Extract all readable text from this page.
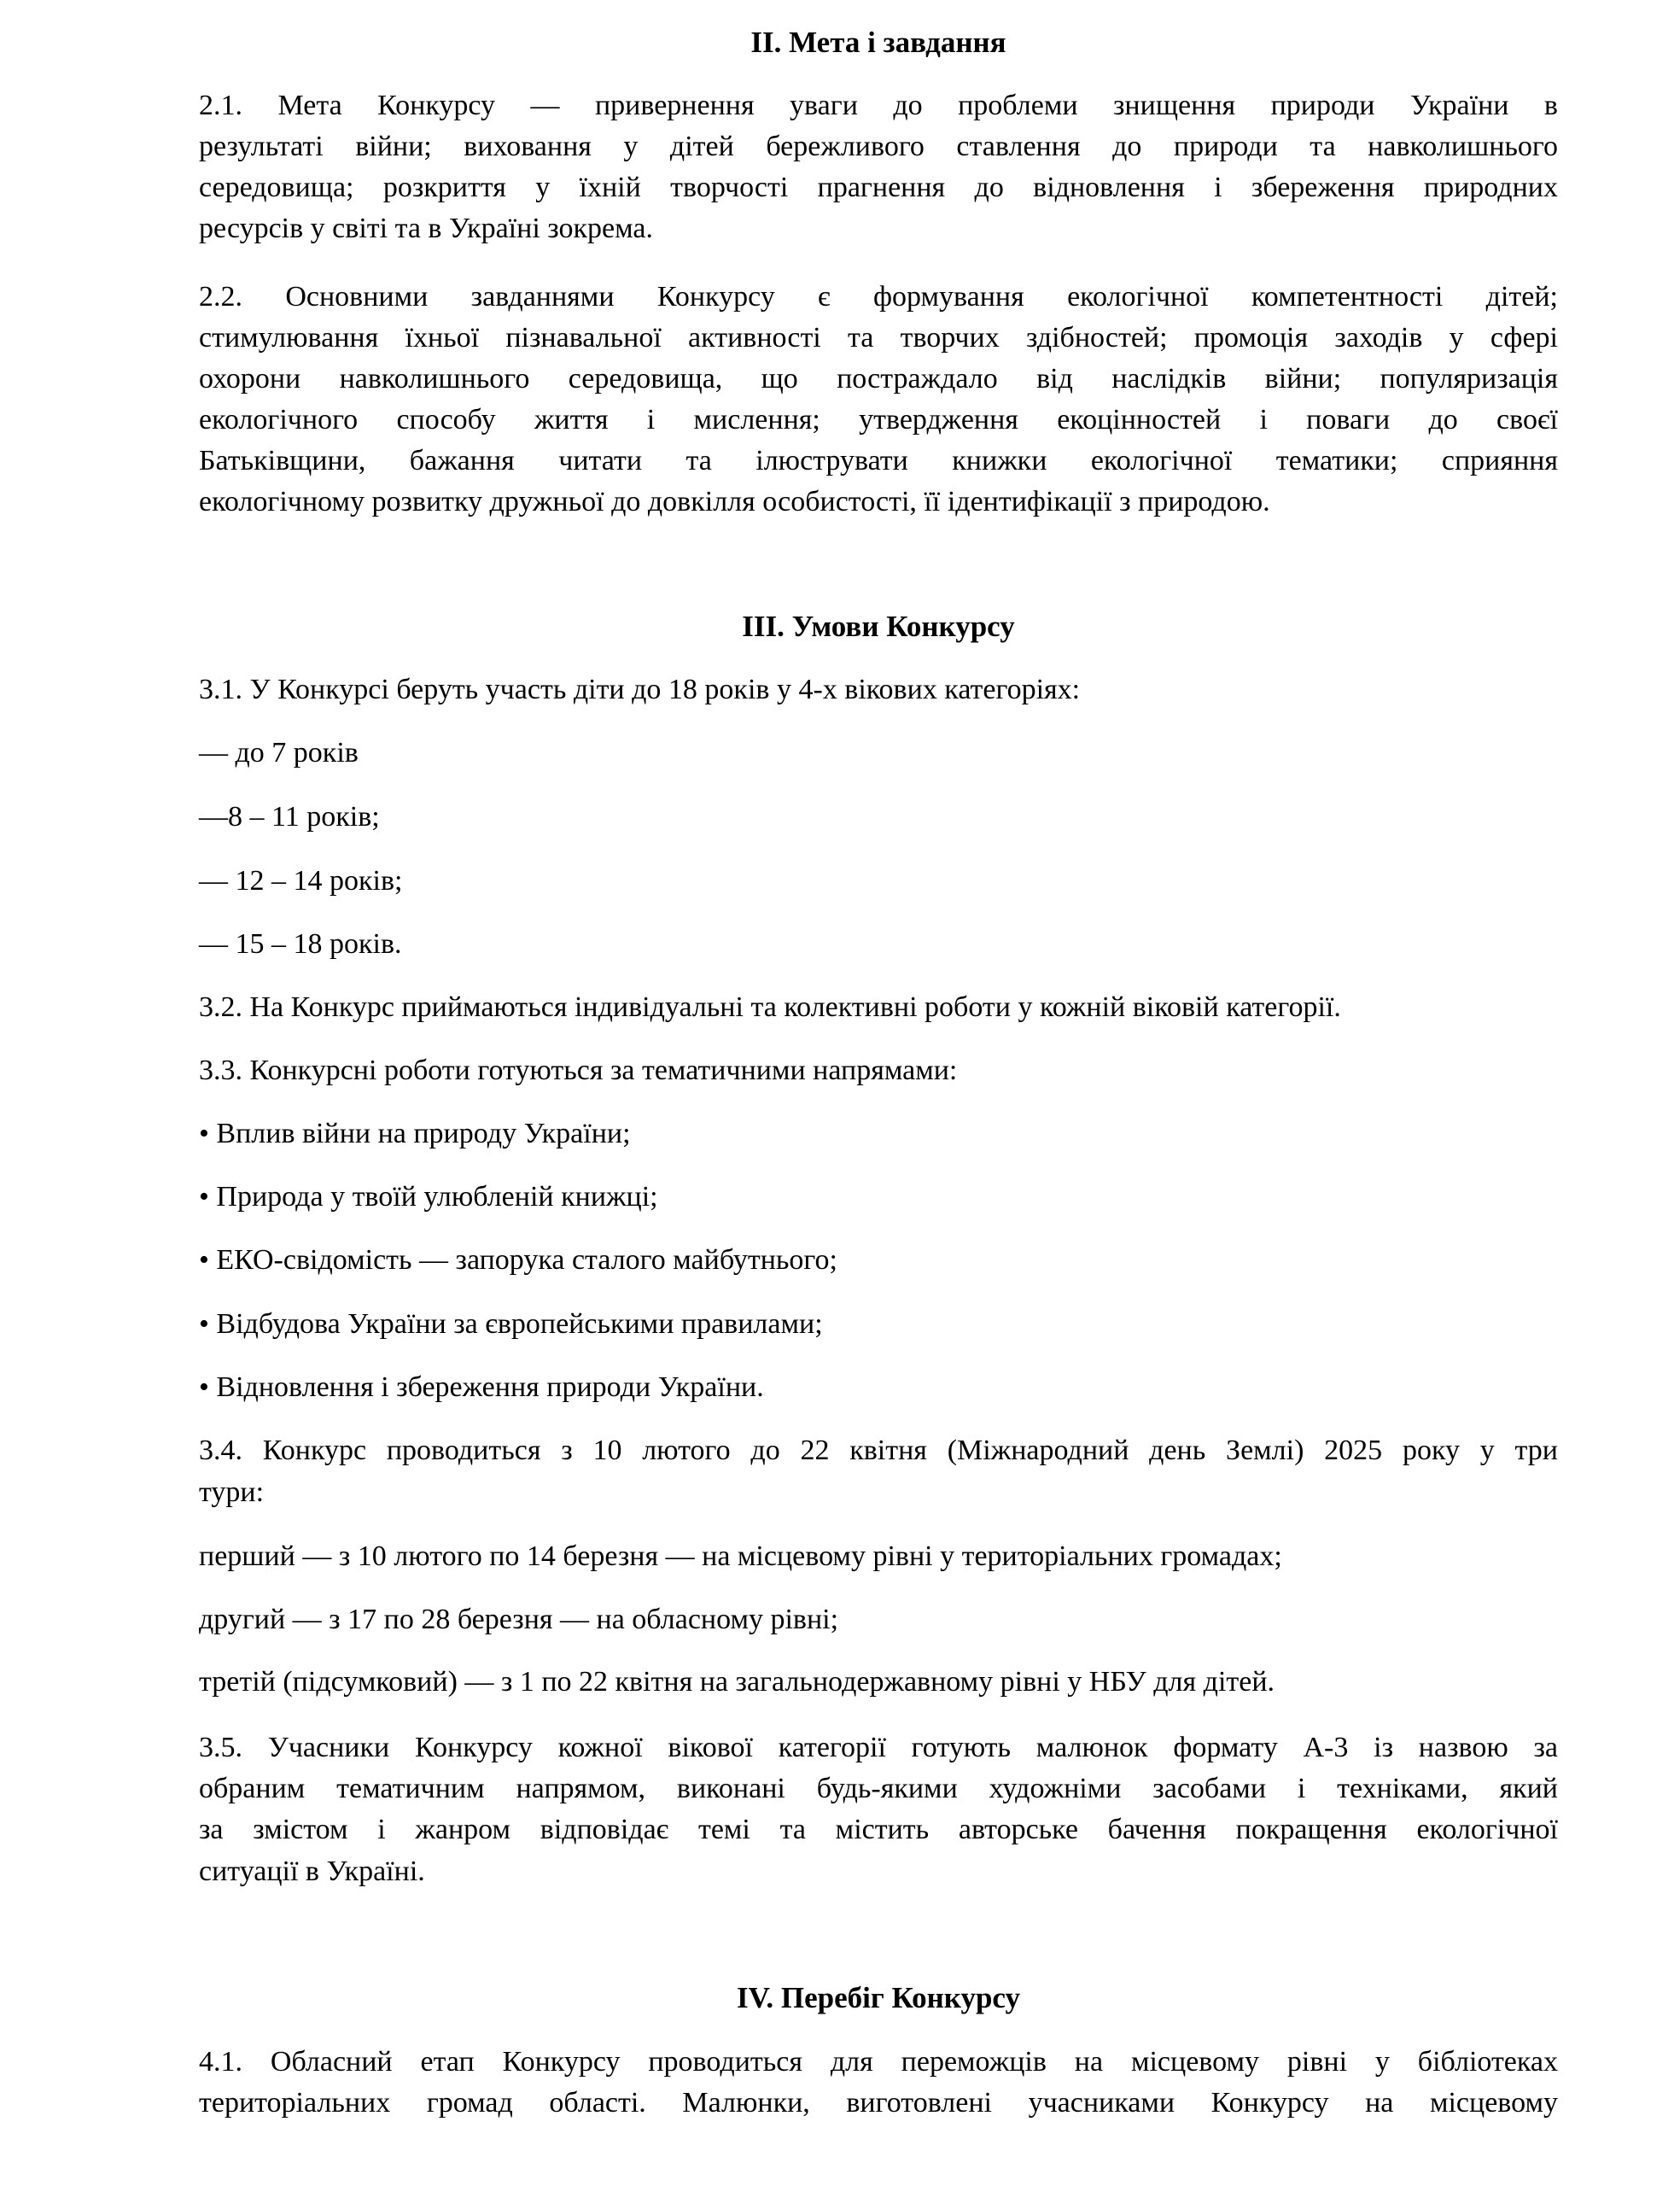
II. Мета і завдання
2.1. Мета Конкурсу — привернення уваги до проблеми знищення природи України в
результаті війни; виховання у дітей бережливого ставлення до природи та навколишнього
середовища; розкриття у їхній творчості прагнення до відновлення і збереження природних
ресурсів у світі та в Україні зокрема.
2.2. Основними завданнями Конкурсу є формування екологічної компетентності дітей;
стимулювання їхньої пізнавальної активності та творчих здібностей; промоція заходів у сфері
охорони навколишнього середовища, що постраждало від наслідків війни; популяризація
екологічного способу життя і мислення; утвердження екоцінностей і поваги до своєї
Батьківщини, бажання читати та ілюструвати книжки екологічної тематики; сприяння
екологічному розвитку дружньої до довкілля особистості, її ідентифікації з природою.
III. Умови Конкурсу
3.1. У Конкурсі беруть участь діти до 18 років у 4-х вікових категоріях:
— до 7 років
—8 – 11 років;
— 12 – 14 років;
— 15 – 18 років.
3.2. На Конкурс приймаються індивідуальні та колективні роботи у кожній віковій категорії.
3.3. Конкурсні роботи готуються за тематичними напрямами:
• Вплив війни на природу України;
• Природа у твоїй улюбленій книжці;
• ЕКО-свідомість — запорука сталого майбутнього;
• Відбудова України за європейськими правилами;
• Відновлення і збереження природи України.
3.4. Конкурс проводиться з 10 лютого до 22 квітня (Міжнародний день Землі) 2025 року у три
тури:
перший — з 10 лютого по 14 березня — на місцевому рівні у територіальних громадах;
другий — з 17 по 28 березня — на обласному рівні;
третій (підсумковий) — з 1 по 22 квітня на загальнодержавному рівні у НБУ для дітей.
3.5. Учасники Конкурсу кожної вікової категорії готують малюнок формату А-3 із назвою за
обраним тематичним напрямом, виконані будь-якими художніми засобами і технiками, який
за змістом і жанром відповідає темі та містить авторське бачення покращення екологічної
ситуації в Україні.
IV. Перебіг Конкурсу
4.1. Обласний етап Конкурсу проводиться для переможців на місцевому рівні у бібліотеках
територіальних громад області. Малюнки, виготовлені учасниками Конкурсу на місцевому
